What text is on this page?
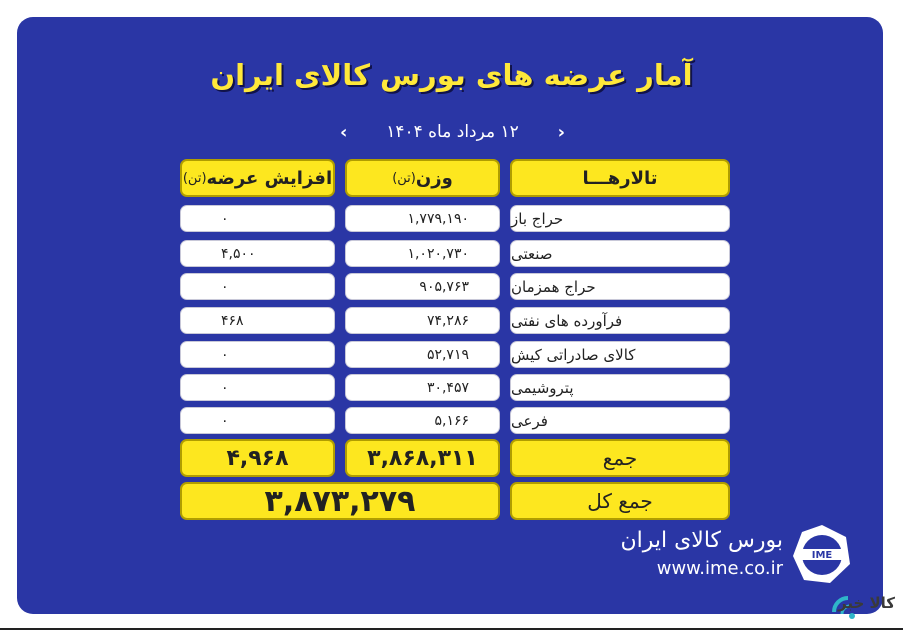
آمار عرضه های بورس کالای ایران
‹ ۱۲ مرداد ماه ۱۴۰۴ ›
تالارهـــا
وزن
(تن)
افزایش عرضه
(تن)
حراج باز
۱,۷۷۹,۱۹۰
۰
صنعتی
۱,۰۲۰,۷۳۰
۴,۵۰۰
حراج همزمان
۹۰۵,۷۶۳
۰
فرآورده های نفتی
۷۴,۲۸۶
۴۶۸
کالای صادراتی کیش
۵۲,۷۱۹
۰
پتروشیمی
۳۰,۴۵۷
۰
فرعی
۵,۱۶۶
۰
جمع
۳,۸۶۸,۳۱۱
۴,۹۶۸
جمع کل
۳,۸۷۳,۲۷۹
بورس کالای ایران
www.ime.co.ir
IME
کالا خبر
